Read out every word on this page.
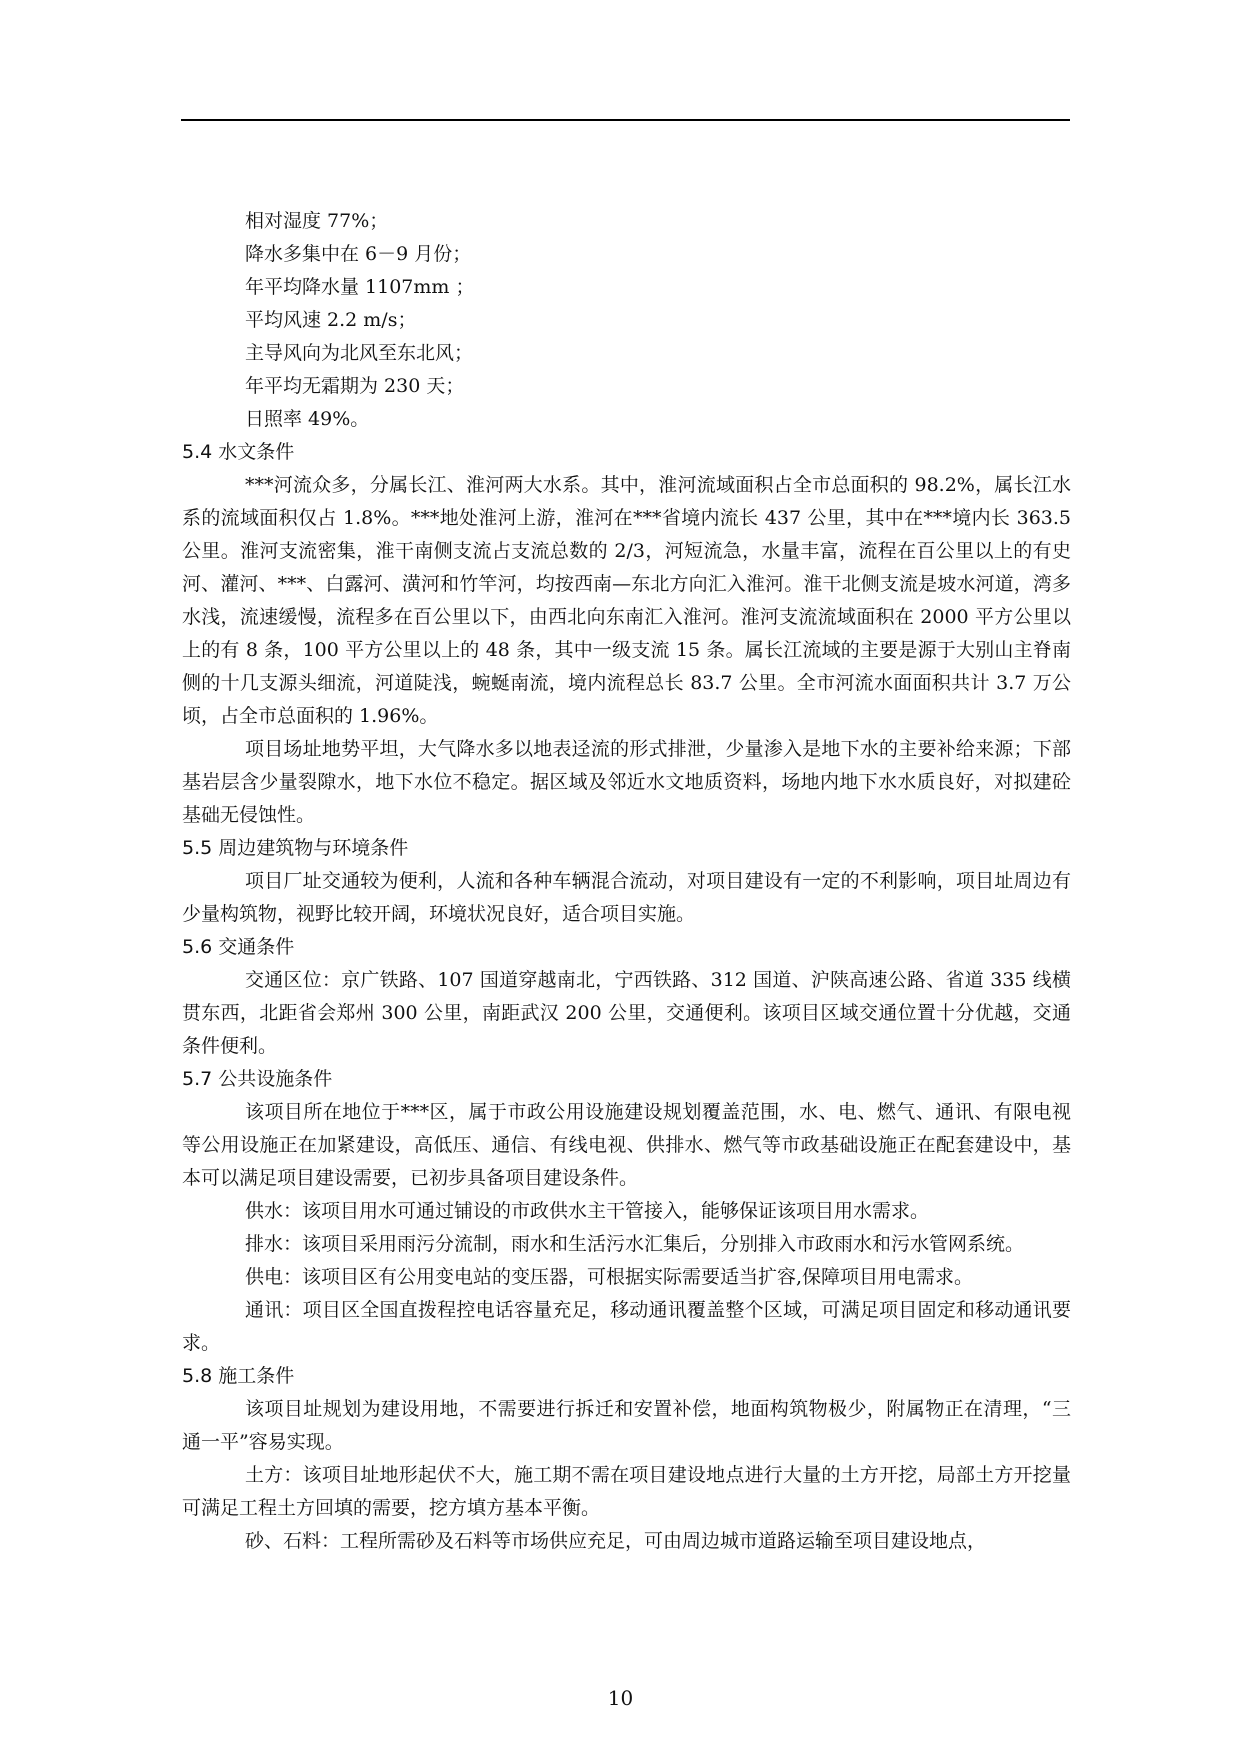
相对湿度 77%；
降水多集中在 6－9 月份；
年平均降水量 1107mm ；
平均风速 2.2 m/s；
主导风向为北风至东北风；
年平均无霜期为 230 天；
日照率 49%。
5.4 水文条件

***河流众多，分属长江、淮河两大水系。其中，淮河流域面积占全市总面积的 98.2%，属长江水系的流域面积仅占 1.8%。***地处淮河上游，淮河在***省境内流长 437 公里，其中在***境内长 363.5 公里。淮河支流密集，淮干南侧支流占支流总数的 2/3，河短流急，水量丰富，流程在百公里以上的有史河、灌河、***、白露河、潢河和竹竿河，均按西南—东北方向汇入淮河。淮干北侧支流是坡水河道，湾多水浅，流速缓慢，流程多在百公里以下，由西北向东南汇入淮河。淮河支流流域面积在 2000 平方公里以上的有 8 条，100 平方公里以上的 48 条，其中一级支流 15 条。属长江流域的主要是源于大别山主脊南侧的十几支源头细流，河道陡浅，蜿蜒南流，境内流程总长 83.7 公里。全市河流水面面积共计 3.7 万公顷，占全市总面积的 1.96%。

项目场址地势平坦，大气降水多以地表迳流的形式排泄，少量渗入是地下水的主要补给来源；下部基岩层含少量裂隙水，地下水位不稳定。据区域及邻近水文地质资料，场地内地下水水质良好，对拟建砼基础无侵蚀性。

5.5 周边建筑物与环境条件

项目厂址交通较为便利，人流和各种车辆混合流动，对项目建设有一定的不利影响，项目址周边有少量构筑物，视野比较开阔，环境状况良好，适合项目实施。

5.6 交通条件

交通区位：京广铁路、107 国道穿越南北，宁西铁路、312 国道、沪陕高速公路、省道 335 线横贯东西，北距省会郑州 300 公里，南距武汉 200 公里，交通便利。该项目区域交通位置十分优越，交通条件便利。

5.7 公共设施条件

该项目所在地位于***区，属于市政公用设施建设规划覆盖范围，水、电、燃气、通讯、有限电视等公用设施正在加紧建设，高低压、通信、有线电视、供排水、燃气等市政基础设施正在配套建设中，基本可以满足项目建设需要，已初步具备项目建设条件。

供水：该项目用水可通过铺设的市政供水主干管接入，能够保证该项目用水需求。

排水：该项目采用雨污分流制，雨水和生活污水汇集后，分别排入市政雨水和污水管网系统。

供电：该项目区有公用变电站的变压器，可根据实际需要适当扩容,保障项目用电需求。

通讯：项目区全国直拨程控电话容量充足，移动通讯覆盖整个区域，可满足项目固定和移动通讯要求。

5.8 施工条件

该项目址规划为建设用地，不需要进行拆迁和安置补偿，地面构筑物极少，附属物正在清理，“三通一平”容易实现。

土方：该项目址地形起伏不大，施工期不需在项目建设地点进行大量的土方开挖，局部土方开挖量可满足工程土方回填的需要，挖方填方基本平衡。

砂、石料：工程所需砂及石料等市场供应充足，可由周边城市道路运输至项目建设地点，

10
